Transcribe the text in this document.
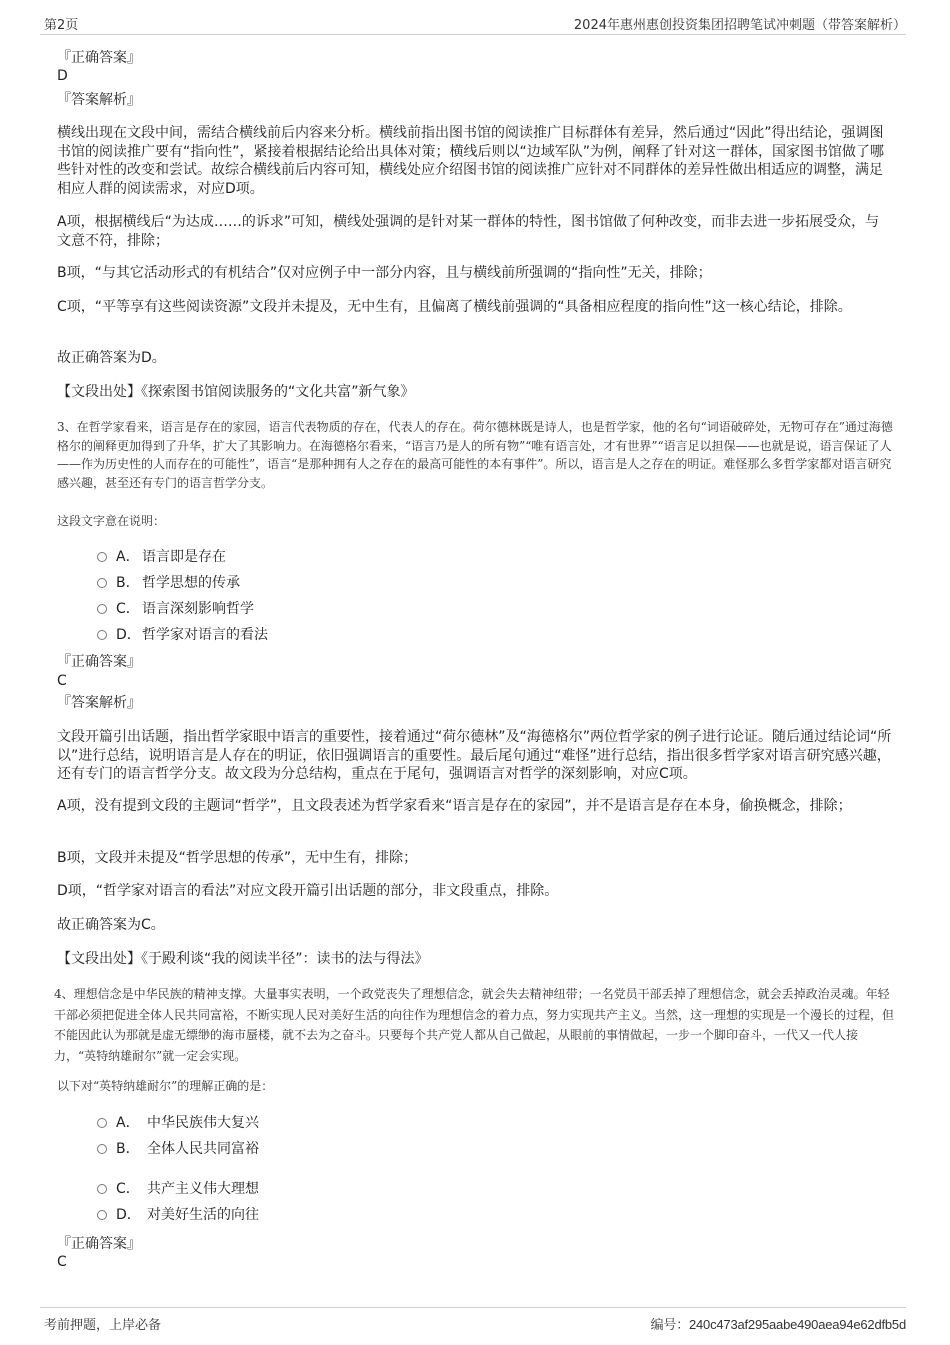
第2页	2024年惠州惠创投资集团招聘笔试冲刺题（带答案解析）
『正确答案』
D
『答案解析』

横线出现在文段中间，需结合横线前后内容来分析。横线前指出图书馆的阅读推广目标群体有差异，然后通过“因此”得出结论，强调图书馆的阅读推广要有“指向性”，紧接着根据结论给出具体对策；横线后则以“边域军队”为例，阐释了针对这一群体，国家图书馆做了哪些针对性的改变和尝试。故综合横线前后内容可知，横线处应介绍图书馆的阅读推广应针对不同群体的差异性做出相适应的调整，满足相应人群的阅读需求，对应D项。

A项，根据横线后“为达成……的诉求”可知，横线处强调的是针对某一群体的特性，图书馆做了何种改变，而非去进一步拓展受众，与文意不符，排除；

B项，“与其它活动形式的有机结合”仅对应例子中一部分内容，且与横线前所强调的“指向性”无关，排除；

C项，“平等享有这些阅读资源”文段并未提及，无中生有，且偏离了横线前强调的“具备相应程度的指向性”这一核心结论，排除。

故正确答案为D。
【文段出处】《探索图书馆阅读服务的“文化共富”新气象》

3、在哲学家看来，语言是存在的家园，语言代表物质的存在，代表人的存在。荷尔德林既是诗人，也是哲学家，他的名句“词语破碎处，无物可存在”通过海德格尔的阐释更加得到了升华，扩大了其影响力。在海德格尔看来，“语言乃是人的所有物”“唯有语言处，才有世界”“语言足以担保——也就是说，语言保证了人——作为历史性的人而存在的可能性”，语言“是那种拥有人之存在的最高可能性的本有事件”。所以，语言是人之存在的明证。难怪那么多哲学家都对语言研究感兴趣，甚至还有专门的语言哲学分支。

这段文字意在说明：
A． 语言即是存在
B． 哲学思想的传承
C． 语言深刻影响哲学
D．哲学家对语言的看法
『正确答案』
C
『答案解析』

文段开篇引出话题，指出哲学家眼中语言的重要性，接着通过“荷尔德林”及“海德格尔”两位哲学家的例子进行论证。随后通过结论词“所以”进行总结，说明语言是人存在的明证，依旧强调语言的重要性。最后尾句通过“难怪”进行总结，指出很多哲学家对语言研究感兴趣，还有专门的语言哲学分支。故文段为分总结构，重点在于尾句，强调语言对哲学的深刻影响，对应C项。

A项，没有提到文段的主题词“哲学”，且文段表述为哲学家看来“语言是存在的家园”，并不是语言是存在本身，偷换概念，排除；

B项，文段并未提及“哲学思想的传承”，无中生有，排除；

D项，“哲学家对语言的看法”对应文段开篇引出话题的部分，非文段重点，排除。

故正确答案为C。
【文段出处】《于殿利谈“我的阅读半径”：读书的法与得法》

4、理想信念是中华民族的精神支撑。大量事实表明，一个政党丧失了理想信念，就会失去精神纽带；一名党员干部丢掉了理想信念，就会丢掉政治灵魂。年轻干部必须把促进全体人民共同富裕，不断实现人民对美好生活的向往作为理想信念的着力点，努力实现共产主义。当然，这一理想的实现是一个漫长的过程，但不能因此认为那就是虚无缥缈的海市蜃楼，就不去为之奋斗。只要每个共产党人都从自己做起，从眼前的事情做起，一步一个脚印奋斗，一代又一代人接力，“英特纳雄耐尔”就一定会实现。

以下对“英特纳雄耐尔”的理解正确的是：
A． 中华民族伟大复兴
B． 全体人民共同富裕
C． 共产主义伟大理想
D． 对美好生活的向往
『正确答案』
C
考前押题，上岸必备	编号：240c473af295aabe490aea94e62dfb5d
